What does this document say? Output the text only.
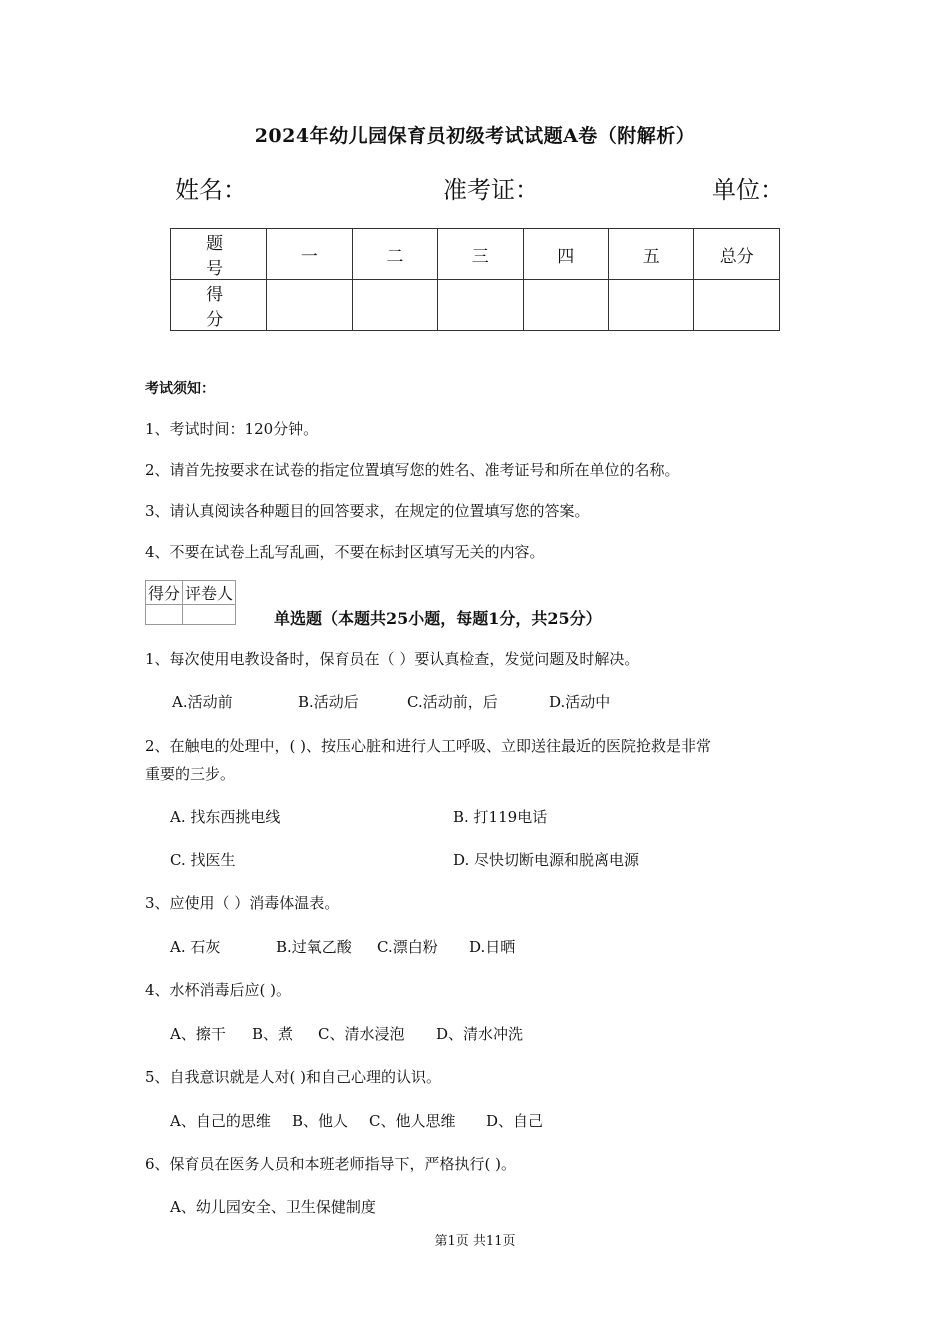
2024年幼儿园保育员初级考试试题A卷（附解析）
姓名：	准考证：	单位：
题 号	一	二	三	四	五	总分
得 分						
考试须知：
1、考试时间：120分钟。
2、请首先按要求在试卷的指定位置填写您的姓名、准考证号和所在单位的名称。
3、请认真阅读各种题目的回答要求，在规定的位置填写您的答案。
4、不要在试卷上乱写乱画，不要在标封区填写无关的内容。
得分	评卷人

单选题（本题共25小题，每题1分，共25分）
1、每次使用电教设备时，保育员在（ ）要认真检查，发觉问题及时解决。
A.活动前	B.活动后	C.活动前，后	D.活动中
2、在触电的处理中，( )、按压心脏和进行人工呼吸、立即送往最近的医院抢救是非常
重要的三步。
A. 找东西挑电线	B. 打119电话
C. 找医生	D. 尽快切断电源和脱离电源
3、应使用（ ）消毒体温表。
A. 石灰	B.过氧乙酸 C.漂白粉 D.日晒
4、水杯消毒后应( )。
A、擦干 B、煮 C、清水浸泡 D、清水冲洗
5、自我意识就是人对( )和自己心理的认识。
A、自己的思维 B、他人 C、他人思维 D、自己
6、保育员在医务人员和本班老师指导下，严格执行( )。
A、幼儿园安全、卫生保健制度
第1页 共11页
